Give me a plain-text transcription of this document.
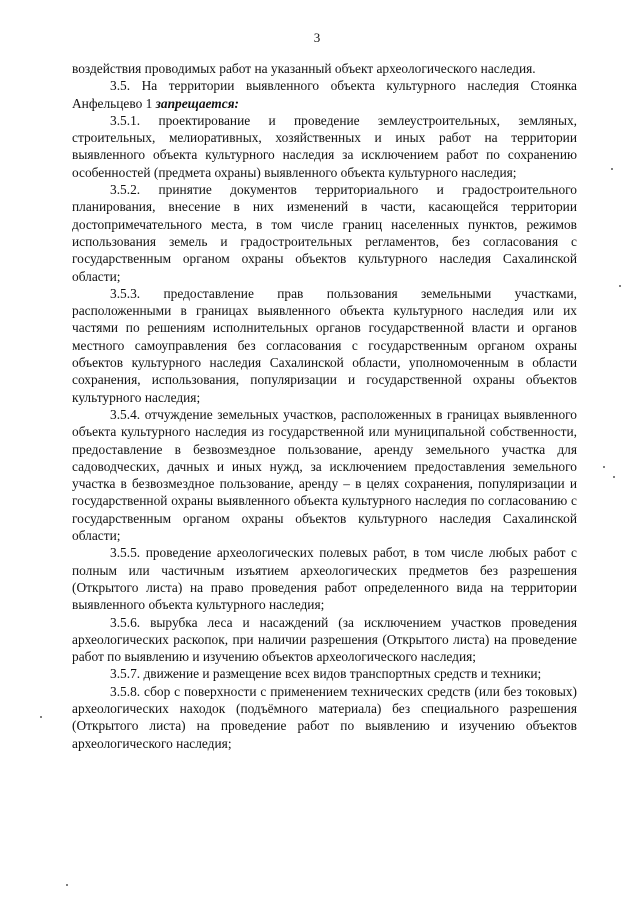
3

воздействия проводимых работ на указанный объект археологического наследия.

3.5. На территории выявленного объекта культурного наследия Стоянка Анфельцево 1 запрещается:

3.5.1. проектирование и проведение землеустроительных, земляных, строительных, мелиоративных, хозяйственных и иных работ на территории выявленного объекта культурного наследия за исключением работ по сохранению особенностей (предмета охраны) выявленного объекта культурного наследия;

3.5.2. принятие документов территориального и градостроительного планирования, внесение в них изменений в части, касающейся территории достопримечательного места, в том числе границ населенных пунктов, режимов использования земель и градостроительных регламентов, без согласования с государственным органом охраны объектов культурного наследия Сахалинской области;

3.5.3. предоставление прав пользования земельными участками, расположенными в границах выявленного объекта культурного наследия или их частями по решениям исполнительных органов государственной власти и органов местного самоуправления без согласования с государственным органом охраны объектов культурного наследия Сахалинской области, уполномоченным в области сохранения, использования, популяризации и государственной охраны объектов культурного наследия;

3.5.4. отчуждение земельных участков, расположенных в границах выявленного объекта культурного наследия из государственной или муниципальной собственности, предоставление в безвозмездное пользование, аренду земельного участка для садоводческих, дачных и иных нужд, за исключением предоставления земельного участка в безвозмездное пользование, аренду – в целях сохранения, популяризации и государственной охраны выявленного объекта культурного наследия по согласованию с государственным органом охраны объектов культурного наследия Сахалинской области;

3.5.5. проведение археологических полевых работ, в том числе любых работ с полным или частичным изъятием археологических предметов без разрешения (Открытого листа) на право проведения работ определенного вида на территории выявленного объекта культурного наследия;

3.5.6. вырубка леса и насаждений (за исключением участков проведения археологических раскопок, при наличии разрешения (Открытого листа) на проведение работ по выявлению и изучению объектов археологического наследия;

3.5.7. движение и размещение всех видов транспортных средств и техники;

3.5.8. сбор с поверхности с применением технических средств (или без токовых) археологических находок (подъёмного материала) без специального разрешения (Открытого листа) на проведение работ по выявлению и изучению объектов археологического наследия;
